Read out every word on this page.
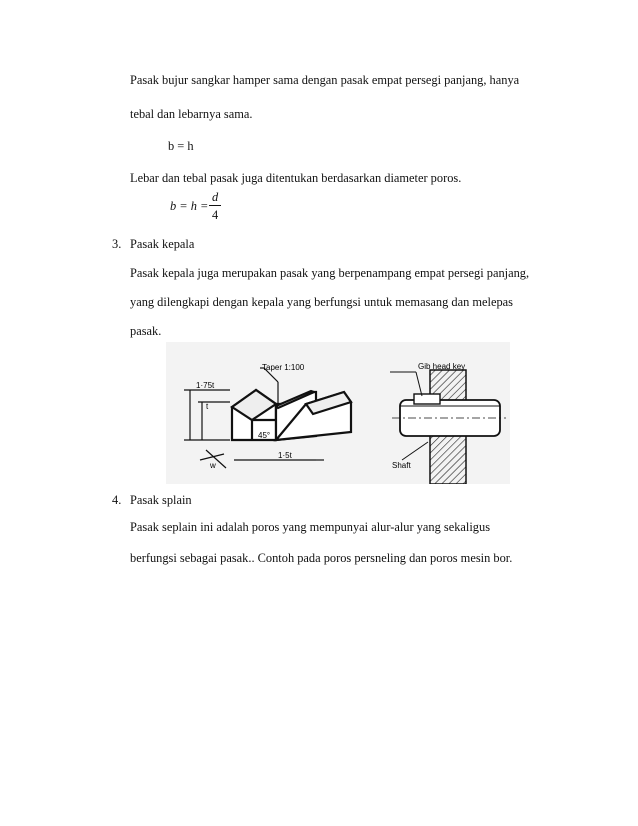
Pasak bujur sangkar hamper sama dengan pasak empat persegi panjang, hanya
tebal dan lebarnya sama.
b = h
Lebar dan tebal pasak juga ditentukan berdasarkan diameter poros.
b = h =
d
4
3. Pasak kepala
Pasak kepala juga merupakan pasak yang berpenampang empat persegi panjang,
yang dilengkapi dengan kepala yang berfungsi untuk memasang dan melepas
pasak.
1·75t
t
45°
w
1·5t
Taper 1:100	Gib head key
Shaft
4. Pasak splain
Pasak seplain ini adalah poros yang mempunyai alur-alur yang sekaligus
berfungsi sebagai pasak.. Contoh pada poros persneling dan poros mesin bor.
